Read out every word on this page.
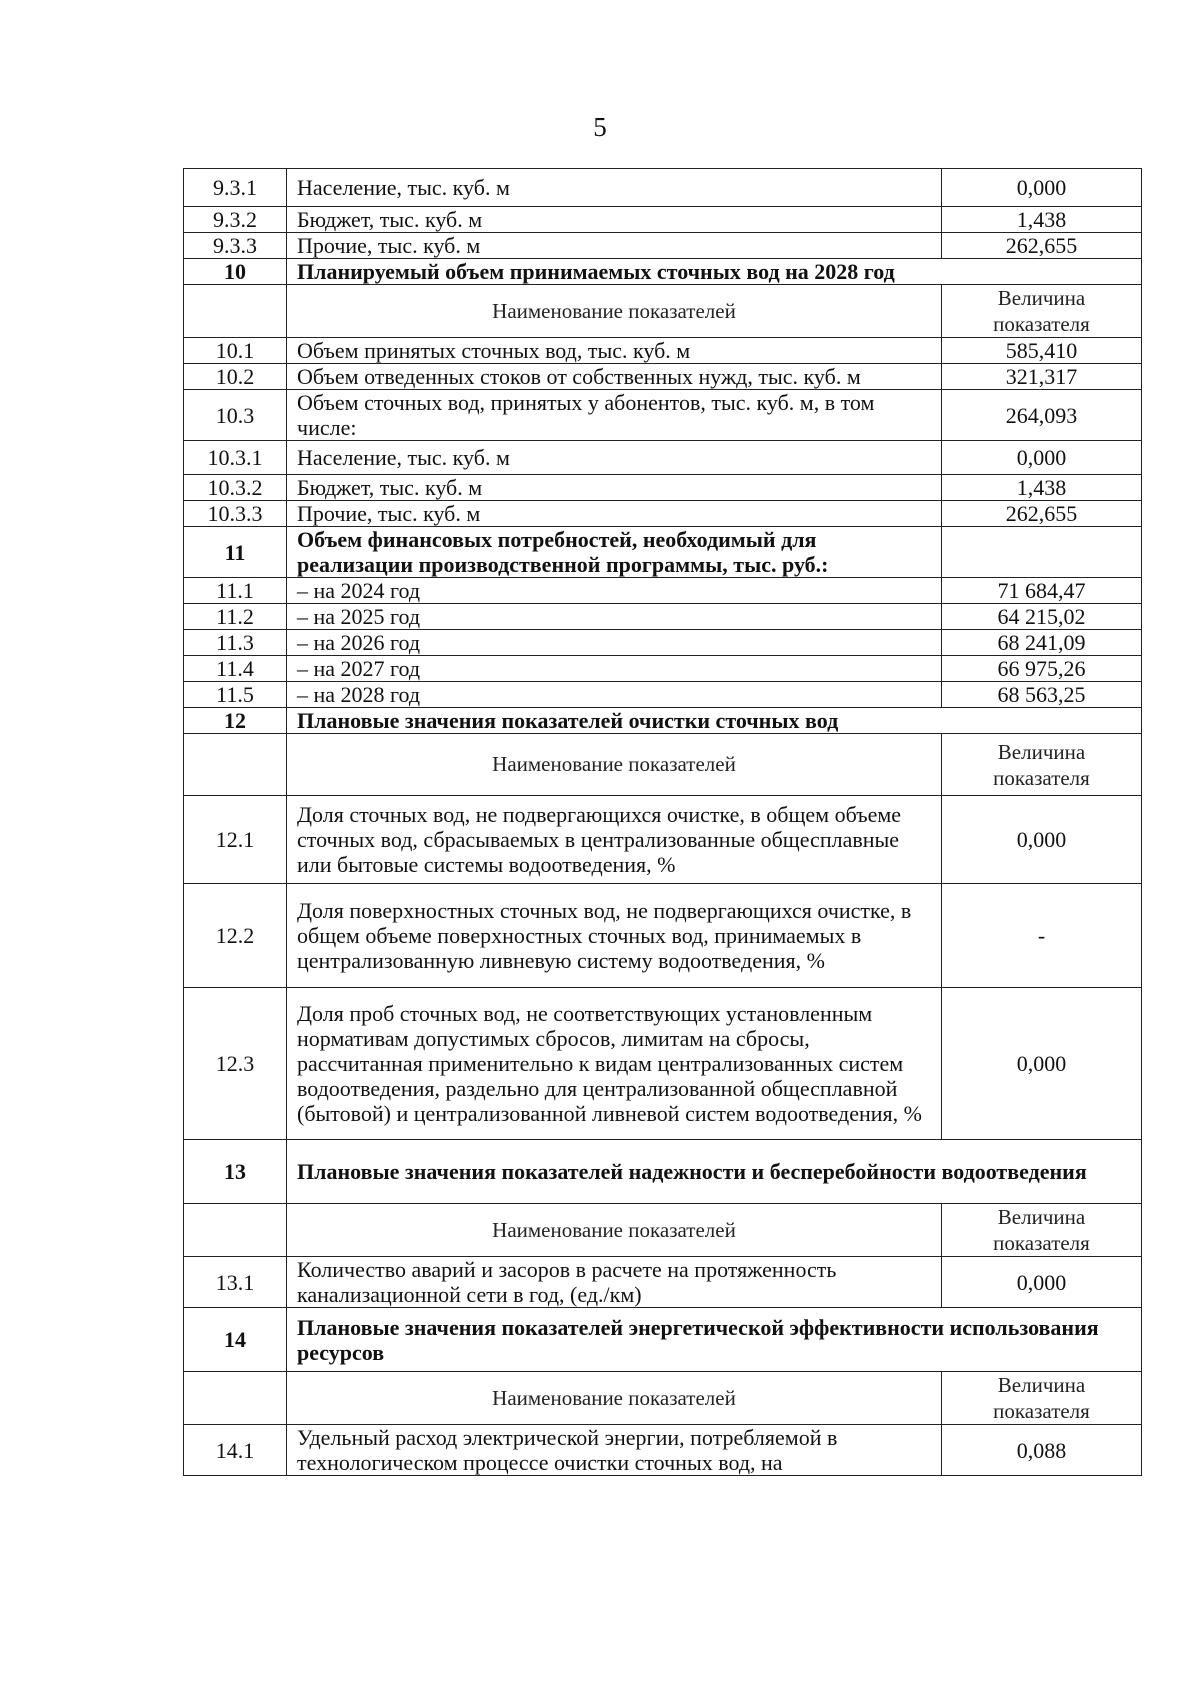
5
9.3.1	Население, тыс. куб. м	0,000
9.3.2	Бюджет, тыс. куб. м	1,438
9.3.3	Прочие, тыс. куб. м	262,655
10	Планируемый объем принимаемых сточных вод на 2028 год	
	Наименование показателей	Величина
показателя

10.1	Объем принятых сточных вод, тыс. куб. м	585,410
10.2	Объем отведенных стоков от собственных нужд, тыс. куб. м	321,317
10.3	Объем сточных вод, принятых у абонентов, тыс. куб. м, в том числе:	264,093
10.3.1	Население, тыс. куб. м	0,000
10.3.2	Бюджет, тыс. куб. м	1,438
10.3.3	Прочие, тыс. куб. м	262,655
11	Объем финансовых потребностей, необходимый для реализации производственной программы, тыс. руб.:	
11.1	– на 2024 год	71 684,47
11.2	– на 2025 год	64 215,02
11.3	– на 2026 год	68 241,09
11.4	– на 2027 год	66 975,26
11.5	– на 2028 год	68 563,25
12	Плановые значения показателей очистки сточных вод	
	Наименование показателей	Величина
показателя

12.1	Доля сточных вод, не подвергающихся очистке, в общем объеме сточных вод, сбрасываемых в централизованные общесплавные или бытовые системы водоотведения, %	0,000
12.2	Доля поверхностных сточных вод, не подвергающихся очистке, в общем объеме поверхностных сточных вод, принимаемых в централизованную ливневую систему водоотведения, %	-
12.3	Доля проб сточных вод, не соответствующих установленным нормативам допустимых сбросов, лимитам на сбросы, рассчитанная применительно к видам централизованных систем водоотведения, раздельно для централизованной общесплавной (бытовой) и централизованной ливневой систем водоотведения, %	0,000
13	Плановые значения показателей надежности и бесперебойности водоотведения	
	Наименование показателей	Величина
показателя

13.1	Количество аварий и засоров в расчете на протяженность канализационной сети в год, (ед./км)	0,000
14	Плановые значения показателей энергетической эффективности использования ресурсов	
	Наименование показателей	Величина
показателя

14.1	Удельный расход электрической энергии, потребляемой в технологическом процессе очистки сточных вод, на	0,088
